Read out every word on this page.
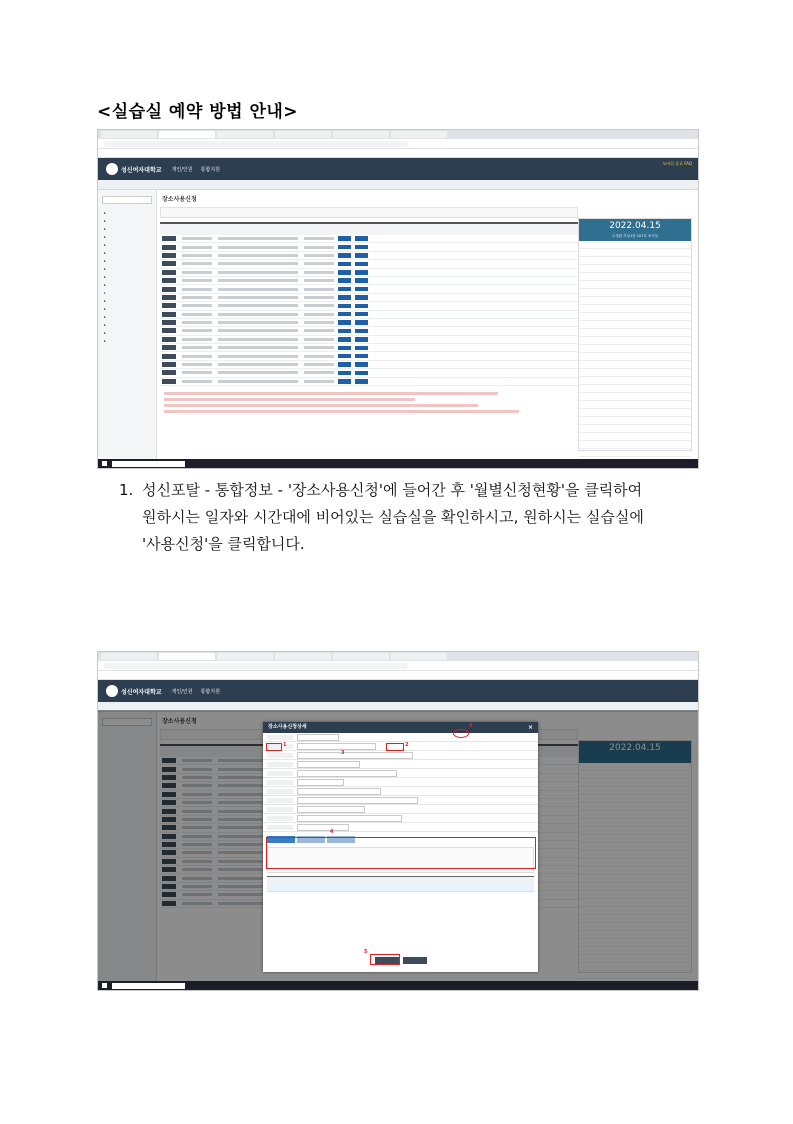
<실습실 예약 방법 안내>
성신여자대학교 개인/인원 통합지원
모바일 종료 FAQ
▸
▸
▸
▸
▸
▸
▸
▸
▸
▸
▸
▸
▸
▸
▸
▸
▸
장소사용신청
2022.04.15
수정관 지상1층 107호 조시실
1. 성신포탈 - 통합정보 - '장소사용신청'에 들어간 후 '월별신청현황'을 클릭하여
원하시는 일자와 시간대에 비어있는 실습실을 확인하시고, 원하시는 실습실에
'사용신청'을 클릭합니다.
성신여자대학교 개인/인원 통합지원
장소사용신청
2022.04.15
장소사용신청상세	×
1	2
3
4
5
6
